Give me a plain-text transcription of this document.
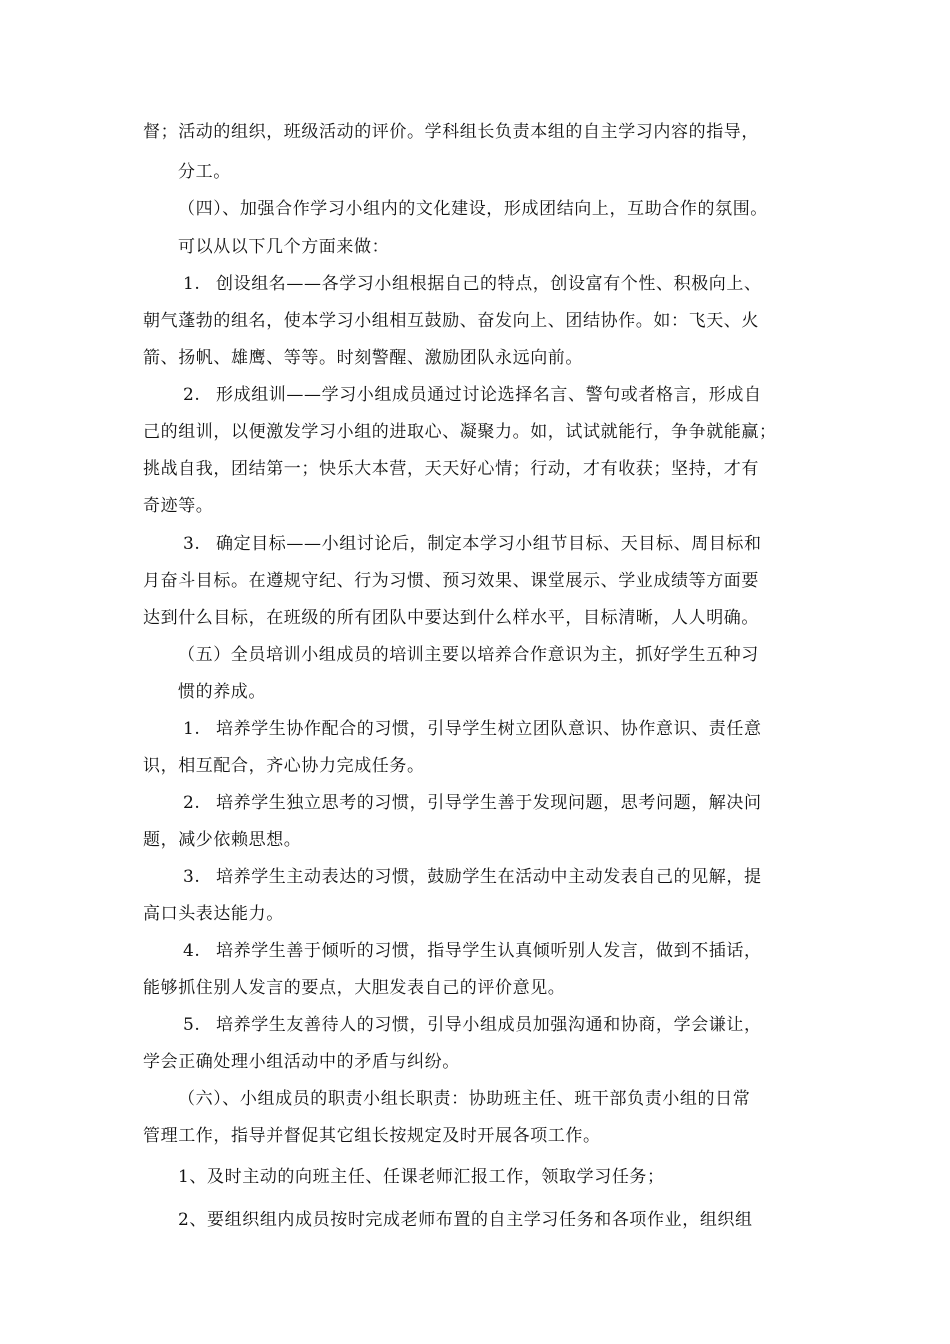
督；活动的组织，班级活动的评价。学科组长负责本组的自主学习内容的指导，
分工。
（四）、加强合作学习小组内的文化建设，形成团结向上，互助合作的氛围。
可以从以下几个方面来做：
1. 创设组名——各学习小组根据自己的特点，创设富有个性、积极向上、
朝气蓬勃的组名，使本学习小组相互鼓励、奋发向上、团结协作。如：飞天、火
箭、扬帆、雄鹰、等等。时刻警醒、激励团队永远向前。
2. 形成组训——学习小组成员通过讨论选择名言、警句或者格言，形成自
己的组训，以便激发学习小组的进取心、凝聚力。如，试试就能行，争争就能赢；
挑战自我，团结第一；快乐大本营，天天好心情；行动，才有收获；坚持，才有
奇迹等。
3. 确定目标——小组讨论后，制定本学习小组节目标、天目标、周目标和
月奋斗目标。在遵规守纪、行为习惯、预习效果、课堂展示、学业成绩等方面要
达到什么目标，在班级的所有团队中要达到什么样水平，目标清晰，人人明确。
（五）全员培训小组成员的培训主要以培养合作意识为主，抓好学生五种习
惯的养成。
1. 培养学生协作配合的习惯，引导学生树立团队意识、协作意识、责任意
识，相互配合，齐心协力完成任务。
2. 培养学生独立思考的习惯，引导学生善于发现问题，思考问题，解决问
题，减少依赖思想。
3. 培养学生主动表达的习惯，鼓励学生在活动中主动发表自己的见解，提
高口头表达能力。
4. 培养学生善于倾听的习惯，指导学生认真倾听别人发言，做到不插话，
能够抓住别人发言的要点，大胆发表自己的评价意见。
5. 培养学生友善待人的习惯，引导小组成员加强沟通和协商，学会谦让，
学会正确处理小组活动中的矛盾与纠纷。
（六）、小组成员的职责小组长职责：协助班主任、班干部负责小组的日常
管理工作，指导并督促其它组长按规定及时开展各项工作。
1、及时主动的向班主任、任课老师汇报工作，领取学习任务；
2、要组织组内成员按时完成老师布置的自主学习任务和各项作业，组织组
